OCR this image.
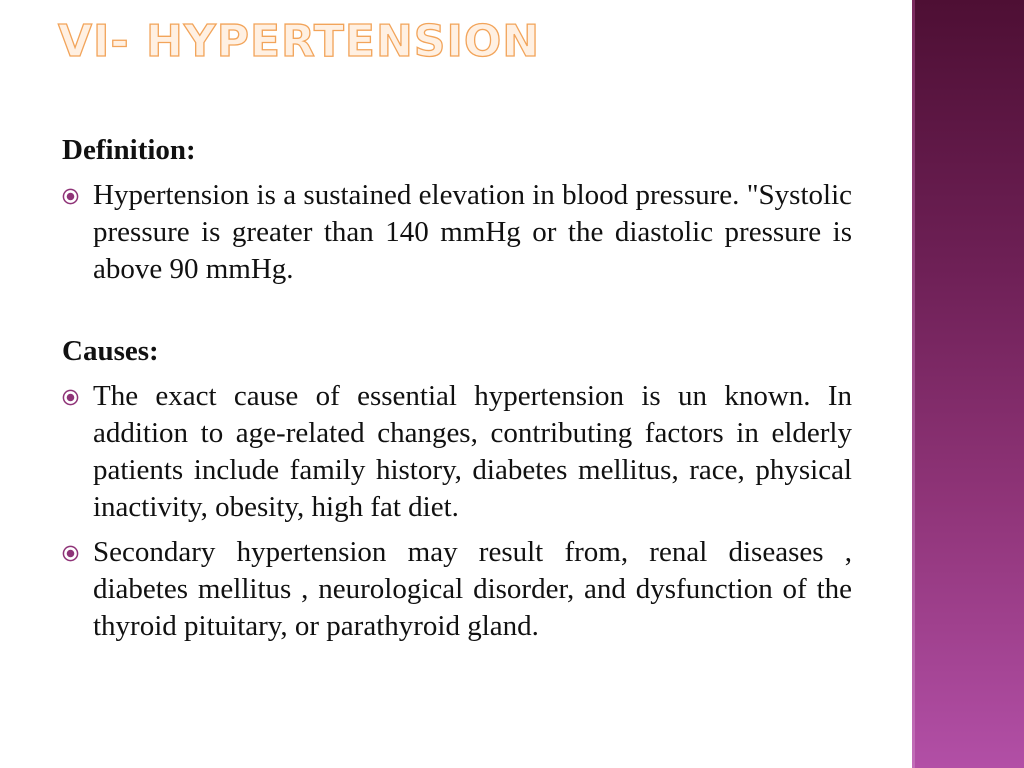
VI- HYPERTENSION

Definition:

Hypertension is a sustained elevation in blood pressure. "Systolic pressure is greater than 140 mmHg or the diastolic pressure is above 90 mmHg.

Causes:

The exact cause of essential hypertension is un known. In addition to age-related changes, contributing factors in elderly patients include family history, diabetes mellitus, race, physical inactivity, obesity, high fat diet.
Secondary hypertension may result from, renal diseases , diabetes mellitus , neurological disorder, and dysfunction of the thyroid pituitary, or parathyroid gland.
